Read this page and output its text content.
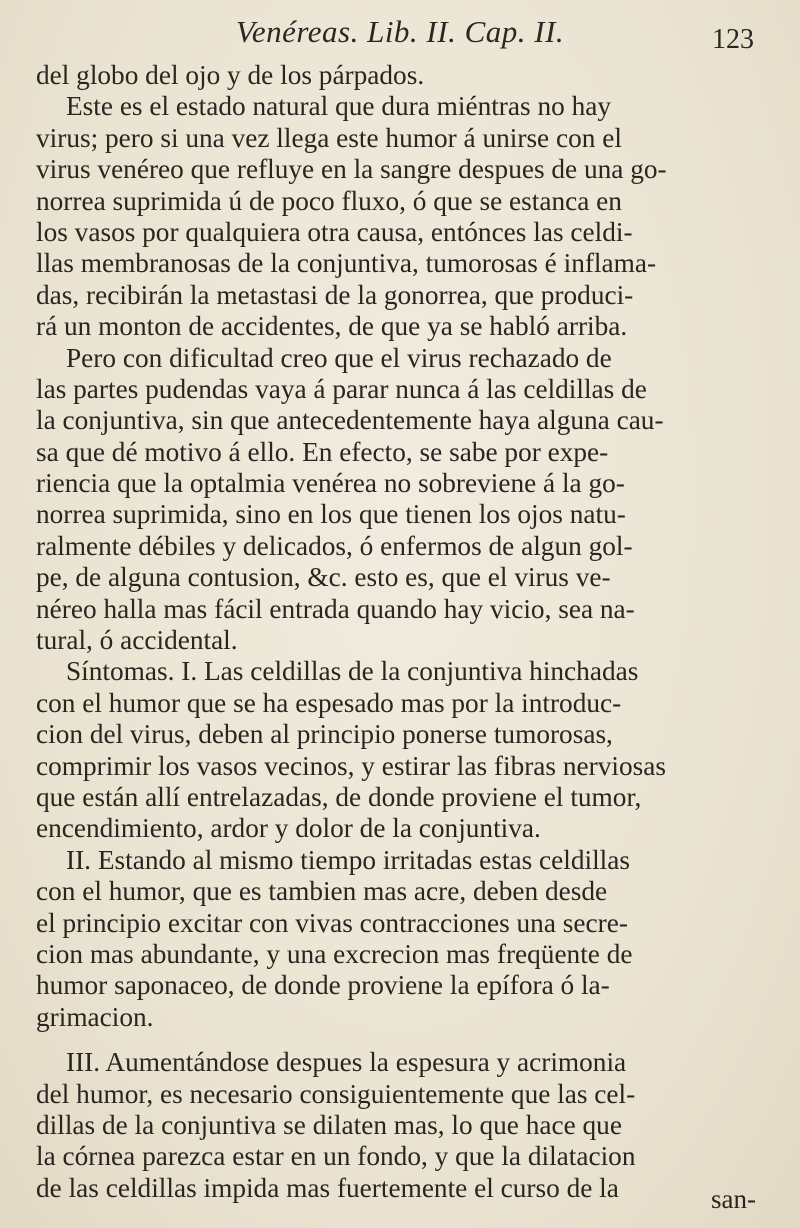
Venéreas. Lib. II. Cap. II.	123
del globo del ojo y de los párpados.
Este es el estado natural que dura miéntras no hay
virus; pero si una vez llega este humor á unirse con el
virus venéreo que refluye en la sangre despues de una go-
norrea suprimida ú de poco fluxo, ó que se estanca en
los vasos por qualquiera otra causa, entónces las celdi-
llas membranosas de la conjuntiva, tumorosas é inflama-
das, recibirán la metastasi de la gonorrea, que produci-
rá un monton de accidentes, de que ya se habló arriba.
Pero con dificultad creo que el virus rechazado de
las partes pudendas vaya á parar nunca á las celdillas de
la conjuntiva, sin que antecedentemente haya alguna cau-
sa que dé motivo á ello. En efecto, se sabe por expe-
riencia que la optalmia venérea no sobreviene á la go-
norrea suprimida, sino en los que tienen los ojos natu-
ralmente débiles y delicados, ó enfermos de algun gol-
pe, de alguna contusion, &c. esto es, que el virus ve-
néreo halla mas fácil entrada quando hay vicio, sea na-
tural, ó accidental.
Síntomas. I. Las celdillas de la conjuntiva hinchadas
con el humor que se ha espesado mas por la introduc-
cion del virus, deben al principio ponerse tumorosas,
comprimir los vasos vecinos, y estirar las fibras nerviosas
que están allí entrelazadas, de donde proviene el tumor,
encendimiento, ardor y dolor de la conjuntiva.
II. Estando al mismo tiempo irritadas estas celdillas
con el humor, que es tambien mas acre, deben desde
el principio excitar con vivas contracciones una secre-
cion mas abundante, y una excrecion mas freqüente de
humor saponaceo, de donde proviene la epífora ó la-
grimacion.
III. Aumentándose despues la espesura y acrimonia
del humor, es necesario consiguientemente que las cel-
dillas de la conjuntiva se dilaten mas, lo que hace que
la córnea parezca estar en un fondo, y que la dilatacion
de las celdillas impida mas fuertemente el curso de la	san-
